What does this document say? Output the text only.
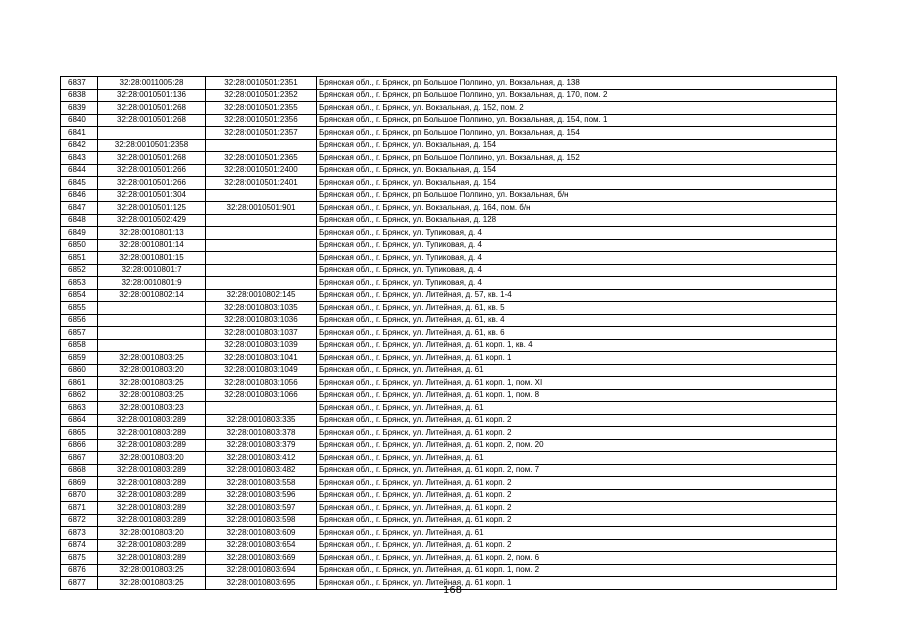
6837	32:28:0011005:28	32:28:0010501:2351	Брянская обл., г. Брянск, рп Большое Полпино, ул. Вокзальная, д. 138
6838	32:28:0010501:136	32:28:0010501:2352	Брянская обл., г. Брянск, рп Большое Полпино, ул. Вокзальная, д. 170, пом. 2
6839	32:28:0010501:268	32:28:0010501:2355	Брянская обл., г. Брянск, ул. Вокзальная, д. 152, пом. 2
6840	32:28:0010501:268	32:28:0010501:2356	Брянская обл., г. Брянск, рп Большое Полпино, ул. Вокзальная, д. 154, пом. 1
6841		32:28:0010501:2357	Брянская обл., г. Брянск, рп Большое Полпино, ул. Вокзальная, д. 154
6842	32:28:0010501:2358		Брянская обл., г. Брянск, ул. Вокзальная, д. 154
6843	32:28:0010501:268	32:28:0010501:2365	Брянская обл., г. Брянск, рп Большое Полпино, ул. Вокзальная, д. 152
6844	32:28:0010501:266	32:28:0010501:2400	Брянская обл., г. Брянск, ул. Вокзальная, д. 154
6845	32:28:0010501:266	32:28:0010501:2401	Брянская обл., г. Брянск, ул. Вокзальная, д. 154
6846	32:28:0010501:304		Брянская обл., г. Брянск, рп Большое Полпино, ул. Вокзальная, б/н
6847	32:28:0010501:125	32:28:0010501:901	Брянская обл., г. Брянск, ул. Вокзальная, д. 164, пом. б/н
6848	32:28:0010502:429		Брянская обл., г. Брянск, ул. Вокзальная, д. 128
6849	32:28:0010801:13		Брянская обл., г. Брянск, ул. Тупиковая, д. 4
6850	32:28:0010801:14		Брянская обл., г. Брянск, ул. Тупиковая, д. 4
6851	32:28:0010801:15		Брянская обл., г. Брянск, ул. Тупиковая, д. 4
6852	32:28:0010801:7		Брянская обл., г. Брянск, ул. Тупиковая, д. 4
6853	32:28:0010801:9		Брянская обл., г. Брянск, ул. Тупиковая, д. 4
6854	32:28:0010802:14	32:28:0010802:145	Брянская обл., г. Брянск, ул. Литейная, д. 57, кв. 1-4
6855		32:28:0010803:1035	Брянская обл., г. Брянск, ул. Литейная, д. 61, кв. 5
6856		32:28:0010803:1036	Брянская обл., г. Брянск, ул. Литейная, д. 61, кв. 4
6857		32:28:0010803:1037	Брянская обл., г. Брянск, ул. Литейная, д. 61, кв. 6
6858		32:28:0010803:1039	Брянская обл., г. Брянск, ул. Литейная, д. 61 корп. 1, кв. 4
6859	32:28:0010803:25	32:28:0010803:1041	Брянская обл., г. Брянск, ул. Литейная, д. 61 корп. 1
6860	32:28:0010803:20	32:28:0010803:1049	Брянская обл., г. Брянск, ул. Литейная, д. 61
6861	32:28:0010803:25	32:28:0010803:1056	Брянская обл., г. Брянск, ул. Литейная, д. 61 корп. 1, пом. XI
6862	32:28:0010803:25	32:28:0010803:1066	Брянская обл., г. Брянск, ул. Литейная, д. 61 корп. 1, пом. 8
6863	32:28:0010803:23		Брянская обл., г. Брянск, ул. Литейная, д. 61
6864	32:28:0010803:289	32:28:0010803:335	Брянская обл., г. Брянск, ул. Литейная, д. 61 корп. 2
6865	32:28:0010803:289	32:28:0010803:378	Брянская обл., г. Брянск, ул. Литейная, д. 61 корп. 2
6866	32:28:0010803:289	32:28:0010803:379	Брянская обл., г. Брянск, ул. Литейная, д. 61 корп. 2, пом. 20
6867	32:28:0010803:20	32:28:0010803:412	Брянская обл., г. Брянск, ул. Литейная, д. 61
6868	32:28:0010803:289	32:28:0010803:482	Брянская обл., г. Брянск, ул. Литейная, д. 61 корп. 2, пом. 7
6869	32:28:0010803:289	32:28:0010803:558	Брянская обл., г. Брянск, ул. Литейная, д. 61 корп. 2
6870	32:28:0010803:289	32:28:0010803:596	Брянская обл., г. Брянск, ул. Литейная, д. 61 корп. 2
6871	32:28:0010803:289	32:28:0010803:597	Брянская обл., г. Брянск, ул. Литейная, д. 61 корп. 2
6872	32:28:0010803:289	32:28:0010803:598	Брянская обл., г. Брянск, ул. Литейная, д. 61 корп. 2
6873	32:28:0010803:20	32:28:0010803:609	Брянская обл., г. Брянск, ул. Литейная, д. 61
6874	32:28:0010803:289	32:28:0010803:654	Брянская обл., г. Брянск, ул. Литейная, д. 61 корп. 2
6875	32:28:0010803:289	32:28:0010803:669	Брянская обл., г. Брянск, ул. Литейная, д. 61 корп. 2, пом. 6
6876	32:28:0010803:25	32:28:0010803:694	Брянская обл., г. Брянск, ул. Литейная, д. 61 корп. 1, пом. 2
6877	32:28:0010803:25	32:28:0010803:695	Брянская обл., г. Брянск, ул. Литейная, д. 61 корп. 1
168
